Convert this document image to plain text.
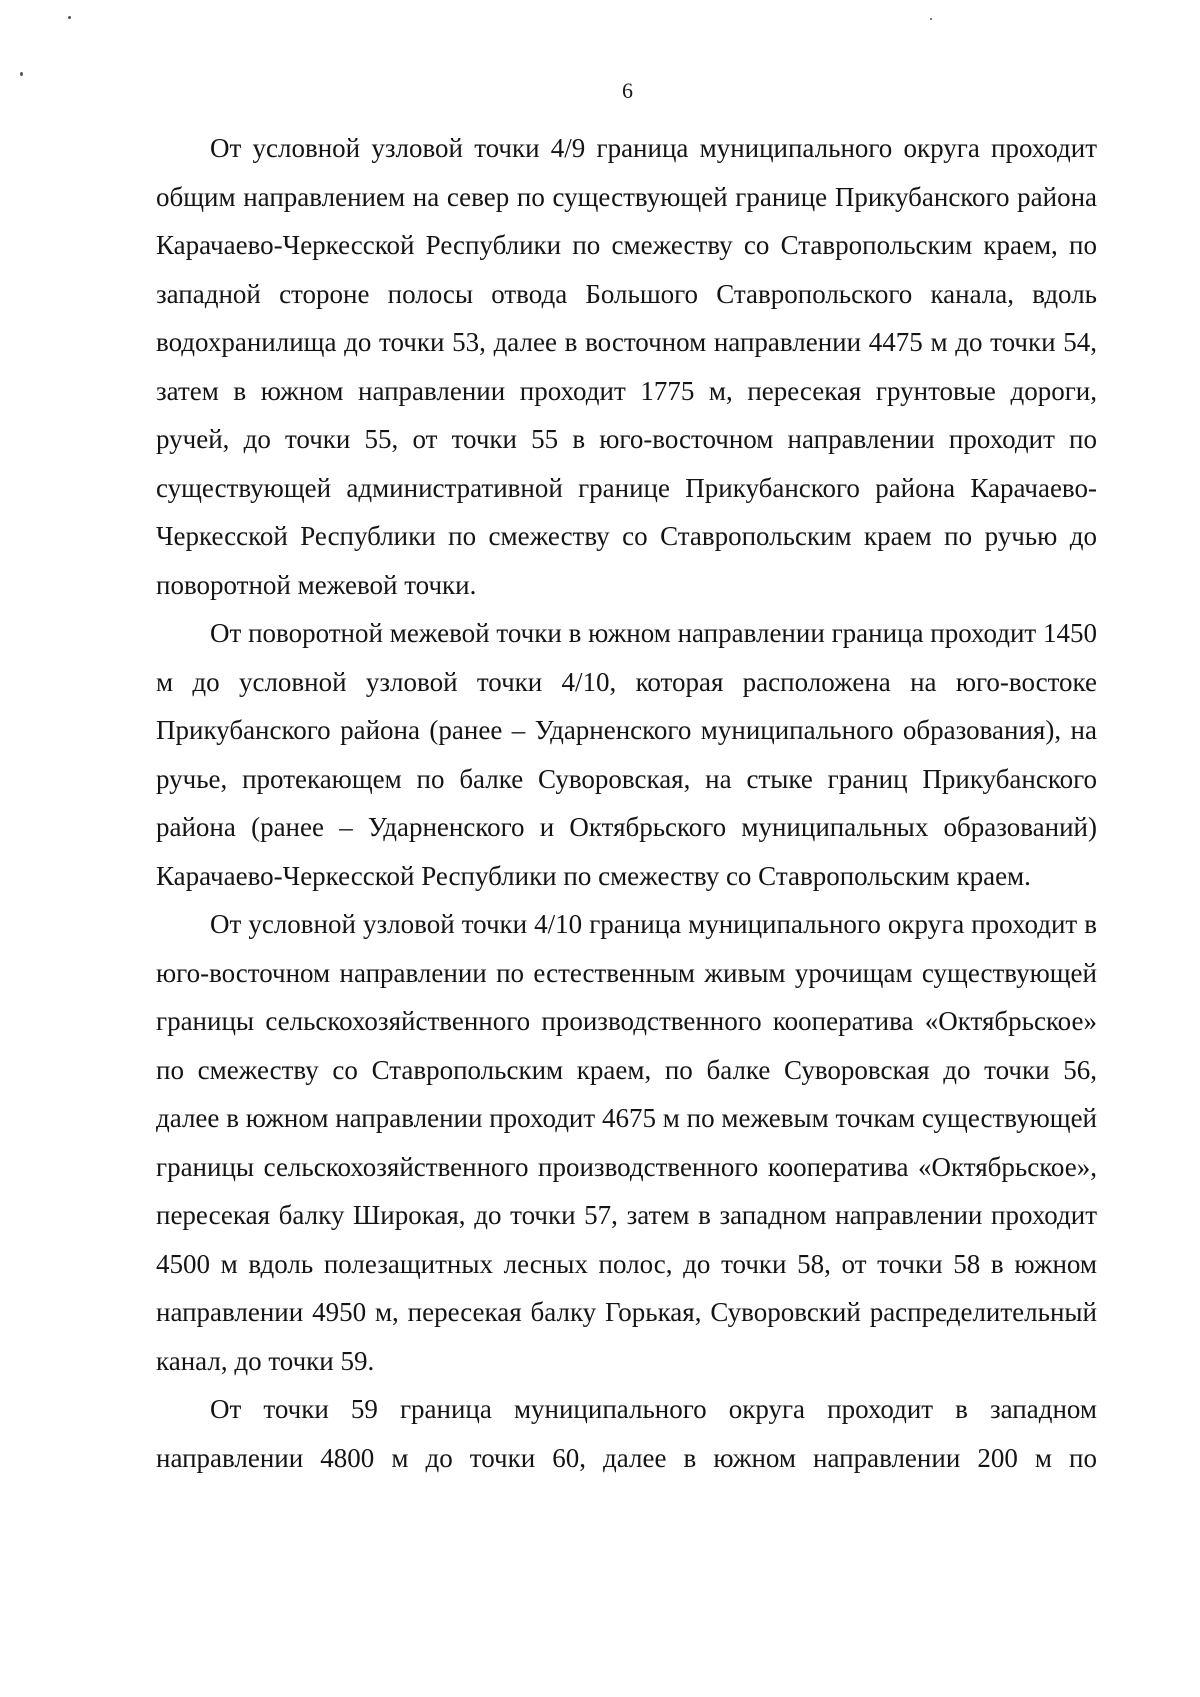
6

От условной узловой точки 4/9 граница муниципального округа проходит общим направлением на север по существующей границе Прикубанского района Карачаево-Черкесской Республики по смежеству со Ставропольским краем, по западной стороне полосы отвода Большого Ставропольского канала, вдоль водохранилища до точки 53, далее в восточном направлении 4475 м до точки 54, затем в южном направлении проходит 1775 м, пересекая грунтовые дороги, ручей, до точки 55, от точки 55 в юго-восточном направлении проходит по существующей административной границе Прикубанского района Карачаево-Черкесской Республики по смежеству со Ставропольским краем по ручью до поворотной межевой точки.

От поворотной межевой точки в южном направлении граница проходит 1450 м до условной узловой точки 4/10, которая расположена на юго-востоке Прикубанского района (ранее – Ударненского муниципального образования), на ручье, протекающем по балке Суворовская, на стыке границ Прикубанского района (ранее – Ударненского и Октябрьского муниципальных образований) Карачаево-Черкесской Республики по смежеству со Ставропольским краем.

От условной узловой точки 4/10 граница муниципального округа проходит в юго-восточном направлении по естественным живым урочищам существующей границы сельскохозяйственного производственного кооператива «Октябрьское» по смежеству со Ставропольским краем, по балке Суворовская до точки 56, далее в южном направлении проходит 4675 м по межевым точкам существующей границы сельскохозяйственного производственного кооператива «Октябрьское», пересекая балку Широкая, до точки 57, затем в западном направлении проходит 4500 м вдоль полезащитных лесных полос, до точки 58, от точки 58 в южном направлении 4950 м, пересекая балку Горькая, Суворовский распределительный канал, до точки 59.

От точки 59 граница муниципального округа проходит в западном направлении 4800 м до точки 60, далее в южном направлении 200 м по
